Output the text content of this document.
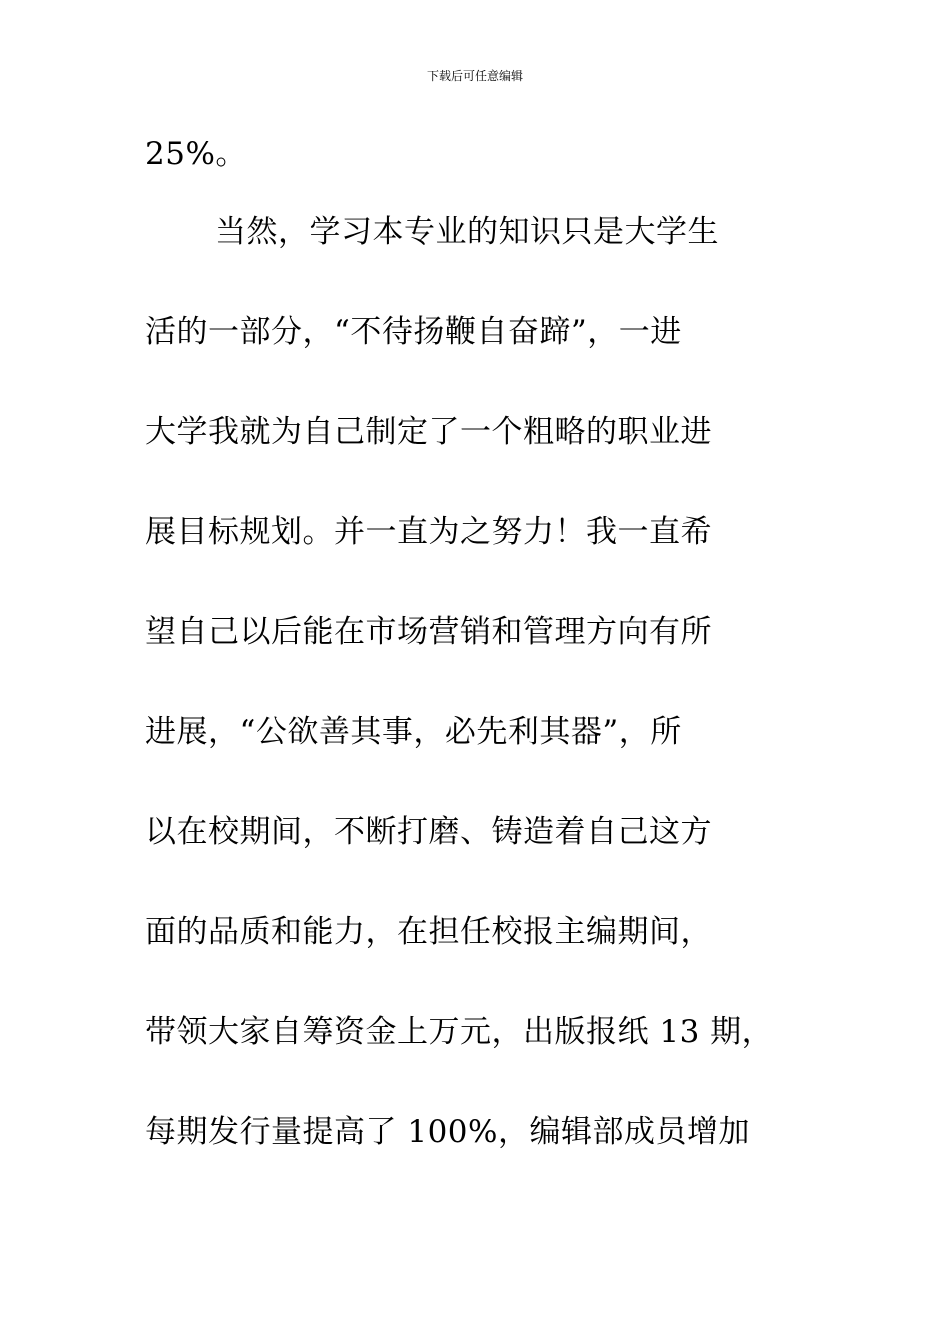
下载后可任意编辑
25%。
当然，学习本专业的知识只是大学生
活的一部分，“不待扬鞭自奋蹄”，一进
大学我就为自己制定了一个粗略的职业进
展目标规划。并一直为之努力！我一直希
望自己以后能在市场营销和管理方向有所
进展，“公欲善其事，必先利其器”，所
以在校期间，不断打磨、铸造着自己这方
面的品质和能力，在担任校报主编期间，
带领大家自筹资金上万元，出版报纸 13 期，
每期发行量提高了 100%，编辑部成员增加
